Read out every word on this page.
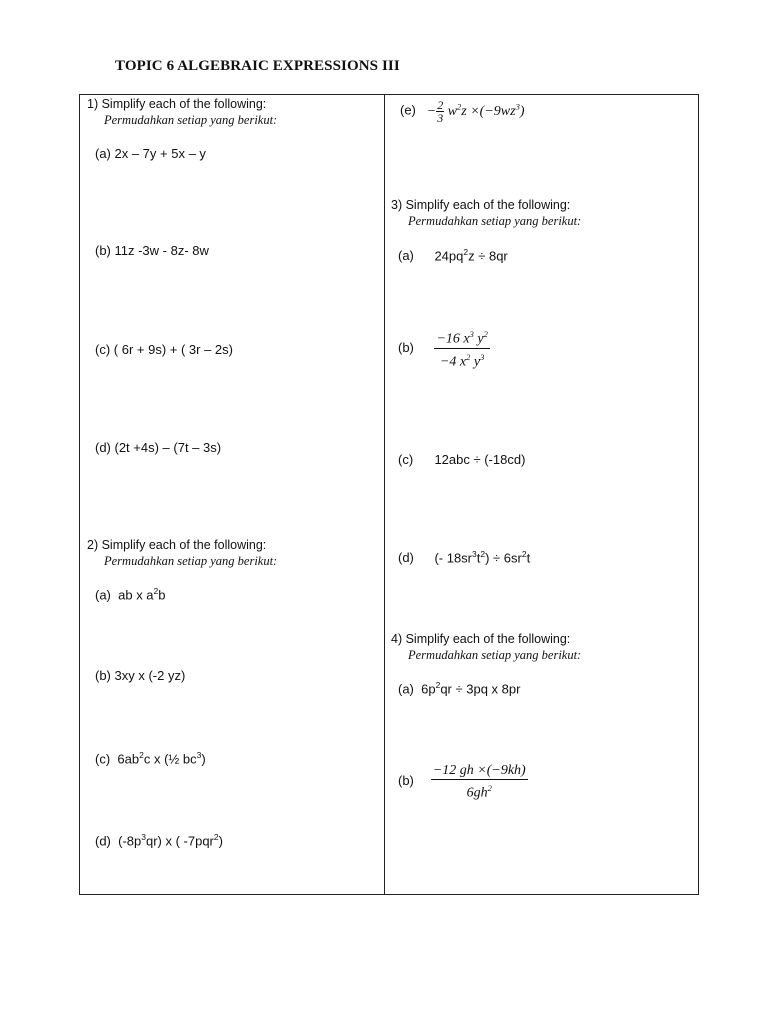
TOPIC 6 ALGEBRAIC EXPRESSIONS III
1) Simplify each of the following:
Permudahkan setiap yang berikut:
(a) 2x – 7y + 5x – y
(b) 11z -3w - 8z- 8w
(c) ( 6r + 9s) + ( 3r – 2s)
(d) (2t +4s) – (7t – 3s)
2) Simplify each of the following:
Permudahkan setiap yang berikut:
(a) ab x $a^2b$
(b) 3xy x (-2 yz)
(c) $6ab^2c$ x (½ $bc^3$)
(d) $(-8p^3qr)$ x ( -7pqr$^2$)
$(e) - \frac{2}{3} w^2z \times(-9wz^3)$
3) Simplify each of the following:
Permudahkan setiap yang berikut:
(a) $24pq^2z \div 8qr$
$(b) \frac{-16 x^3 y^2}{-4 x^2 y^3}$
(c) 12abc ÷ (-18cd)
(d) (- $18sr^3t^2) \div 6sr^2t$
4) Simplify each of the following:
Permudahkan setiap yang berikut:
(a) $6p^2qr \div 3pq$ x 8pr
$(b) \frac{-12 gh \times(-9kh)}{6gh^2}$
